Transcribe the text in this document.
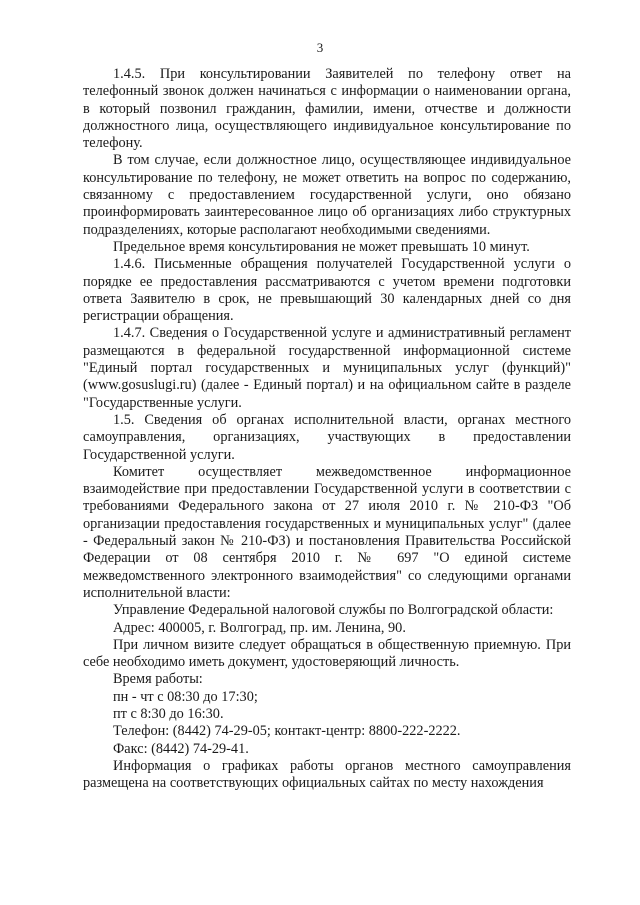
3

1.4.5. При консультировании Заявителей по телефону ответ на телефонный звонок должен начинаться с информации о наименовании органа, в который позвонил гражданин, фамилии, имени, отчестве и должности должностного лица, осуществляющего индивидуальное консультирование по телефону.

В том случае, если должностное лицо, осуществляющее индивидуальное консультирование по телефону, не может ответить на вопрос по содержанию, связанному с предоставлением государственной услуги, оно обязано проинформировать заинтересованное лицо об организациях либо структурных подразделениях, которые располагают необходимыми сведениями.

Предельное время консультирования не может превышать 10 минут.

1.4.6. Письменные обращения получателей Государственной услуги о порядке ее предоставления рассматриваются с учетом времени подготовки ответа Заявителю в срок, не превышающий 30 календарных дней со дня регистрации обращения.

1.4.7. Сведения о Государственной услуге и административный регламент размещаются в федеральной государственной информационной системе "Единый портал государственных и муниципальных услуг (функций)" (www.gosuslugi.ru) (далее - Единый портал) и на официальном сайте в разделе "Государственные услуги.

1.5. Сведения об органах исполнительной власти, органах местного самоуправления, организациях, участвующих в предоставлении Государственной услуги.

Комитет осуществляет межведомственное информационное взаимодействие при предоставлении Государственной услуги в соответствии с требованиями Федерального закона от 27 июля 2010 г. № 210-ФЗ "Об организации предоставления государственных и муниципальных услуг" (далее - Федеральный закон № 210-ФЗ) и постановления Правительства Российской Федерации от 08 сентября 2010 г. № 697 "О единой системе межведомственного электронного взаимодействия" со следующими органами исполнительной власти:

Управление Федеральной налоговой службы по Волгоградской области:

Адрес: 400005, г. Волгоград, пр. им. Ленина, 90.

При личном визите следует обращаться в общественную приемную. При себе необходимо иметь документ, удостоверяющий личность.

Время работы:

пн - чт с 08:30 до 17:30;

пт с 8:30 до 16:30.

Телефон: (8442) 74-29-05; контакт-центр: 8800-222-2222.

Факс: (8442) 74-29-41.

Информация о графиках работы органов местного самоуправления размещена на соответствующих официальных сайтах по месту нахождения
